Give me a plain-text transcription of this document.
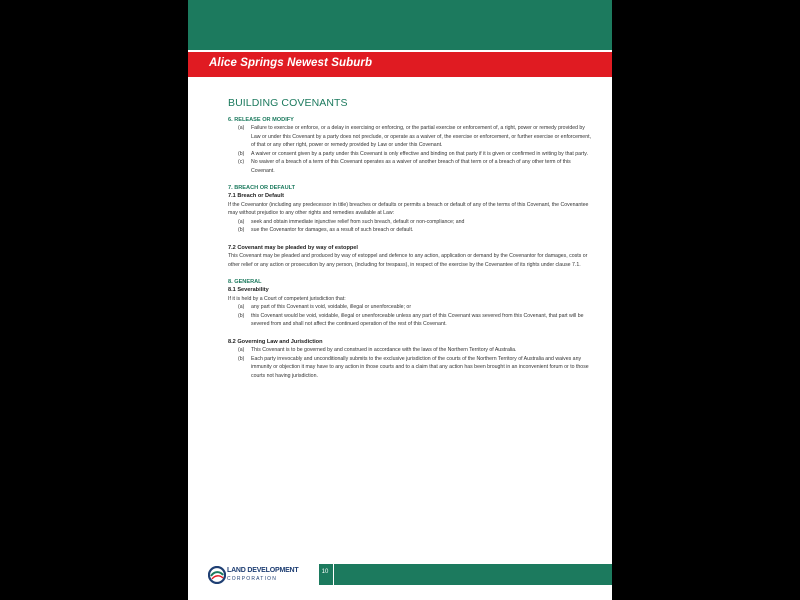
Alice Springs Newest Suburb
BUILDING COVENANTS
6. RELEASE OR MODIFY
(a)	Failure to exercise or enforce, or a delay in exercising or enforcing, or the partial exercise or enforcement of, a right, power or remedy provided by Law or under this Covenant by a party does not preclude, or operate as a waiver of, the exercise or enforcement, or further exercise or enforcement, of that or any other right, power or remedy provided by Law or under this Covenant.
(b)	A waiver or consent given by a party under this Covenant is only effective and binding on that party if it is given or confirmed in writing by that party.
(c)	No waiver of a breach of a term of this Covenant operates as a waiver of another breach of that term or of a breach of any other term of this Covenant.
7. BREACH OR DEFAULT
7.1 Breach or Default

If the Covenantor (including any predecessor in title) breaches or defaults or permits a breach or default of any of the terms of this Covenant, the Covenantee may without prejudice to any other rights and remedies available at Law:

(a)	seek and obtain immediate injunctive relief from such breach, default or non-compliance; and
(b)	sue the Covenantor for damages, as a result of such breach or default.
7.2 Covenant may be pleaded by way of estoppel

This Covenant may be pleaded and produced by way of estoppel and defence to any action, application or demand by the Covenantor for damages, costs or other relief or any action or prosecution by any person, (including for trespass), in respect of the exercise by the Covenantee of its rights under clause 7.1.

8. GENERAL
8.1 Severability

If it is held by a Court of competent jurisdiction that:

(a)	any part of this Covenant is void, voidable, illegal or unenforceable; or
(b)	this Covenant would be void, voidable, illegal or unenforceable unless any part of this Covenant was severed from this Covenant, that part will be severed from and shall not affect the continued operation of the rest of this Covenant.
8.2 Governing Law and Jurisdiction
(a)	This Covenant is to be governed by and construed in accordance with the laws of the Northern Territory of Australia.
(b)	Each party irrevocably and unconditionally submits to the exclusive jurisdiction of the courts of the Northern Territory of Australia and waives any immunity or objection it may have to any action in those courts and to a claim that any action has been brought in an inconvenient forum or to those courts not having jurisdiction.
LAND DEVELOPMENT
CORPORATION
10
